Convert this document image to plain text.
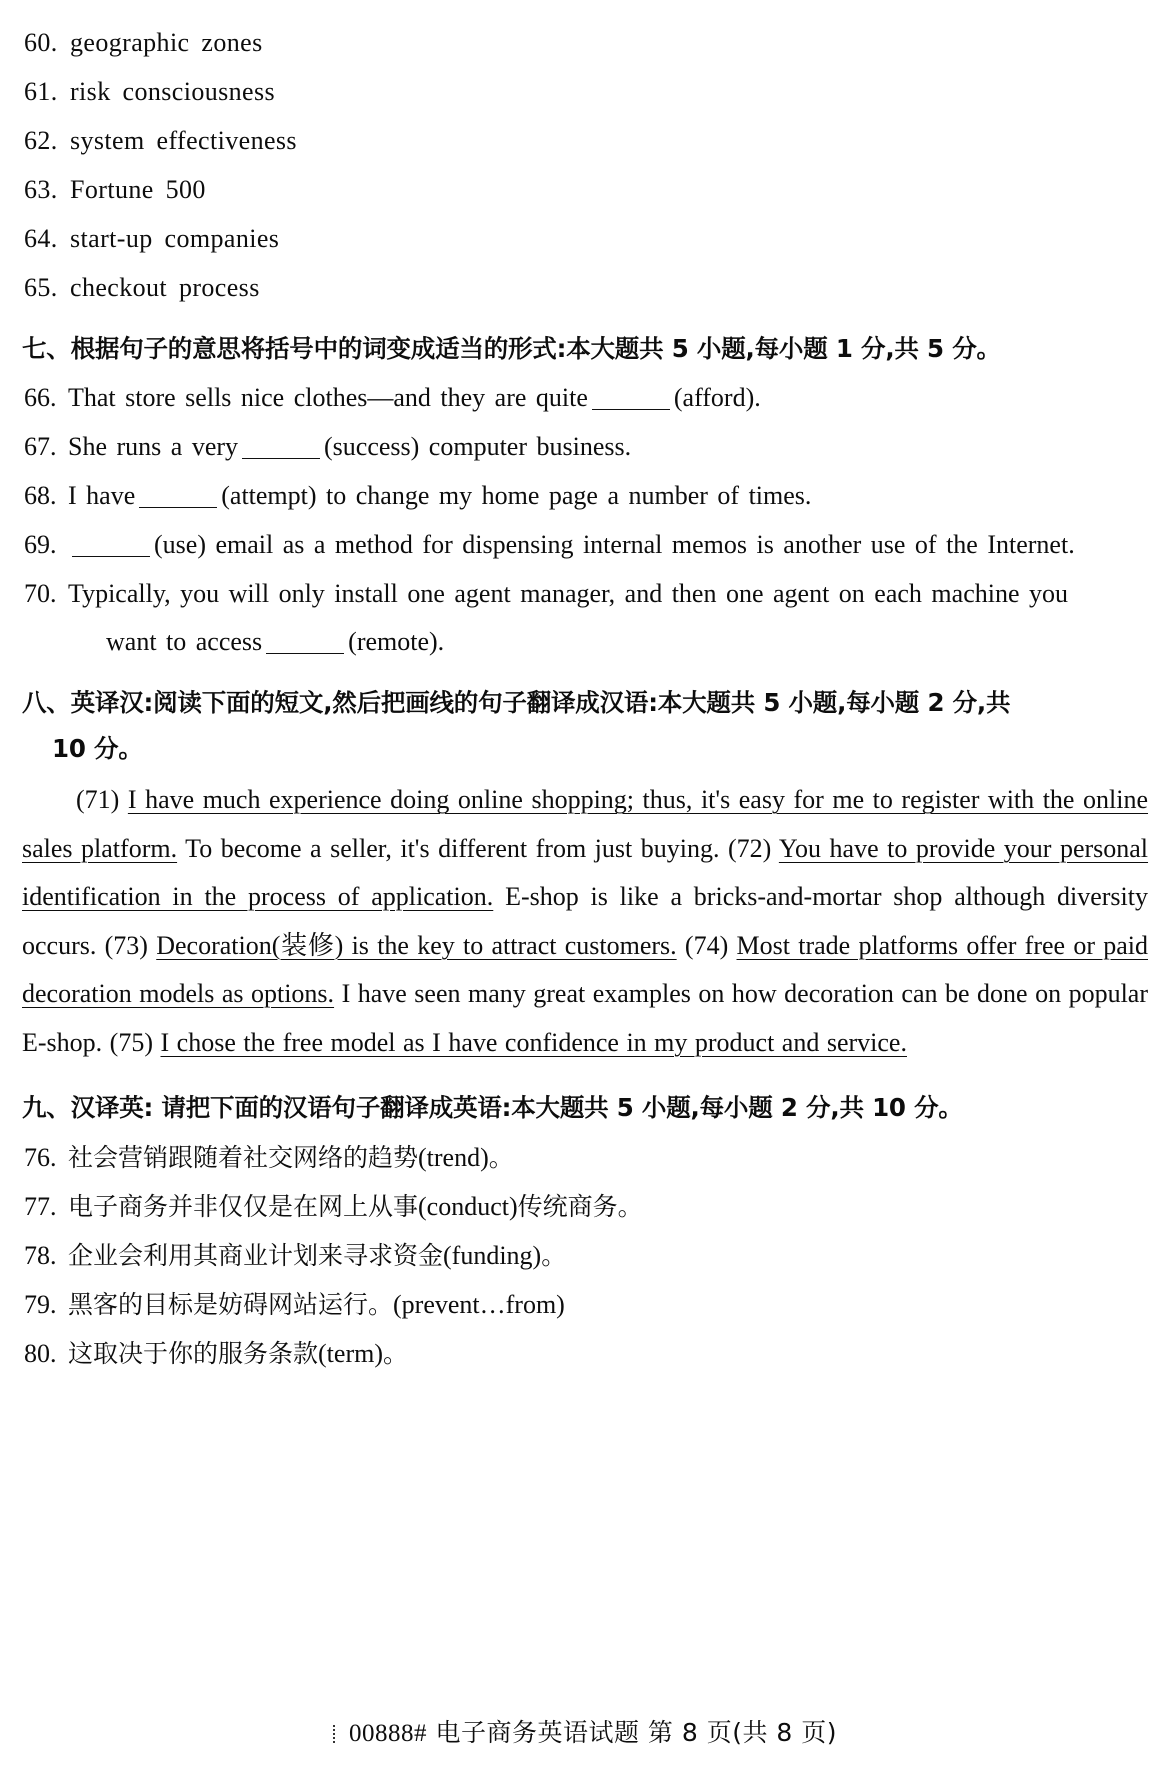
60. geographic zones
61. risk consciousness
62. system effectiveness
63. Fortune 500
64. start-up companies
65. checkout process
七、根据句子的意思将括号中的词变成适当的形式:本大题共 5 小题,每小题 1 分,共 5 分。
66. That store sells nice clothes—and they are quite	(afford).
67. She runs a very	(success) computer business.
68. I have	(attempt) to change my home page a number of times.
69.	(use) email as a method for dispensing internal memos is another use of the Internet.
70. Typically, you will only install one agent manager, and then one agent on each machine you
want to access	(remote).
八、英译汉:阅读下面的短文,然后把画线的句子翻译成汉语:本大题共 5 小题,每小题 2 分,共
10 分。
(71) I have much experience doing online shopping; thus, it's easy for me to register with the online sales platform. To become a seller, it's different from just buying. (72) You have to provide your personal identification in the process of application. E-shop is like a bricks-and-mortar shop although diversity occurs. (73) Decoration(装修) is the key to attract customers. (74) Most trade platforms offer free or paid decoration models as options. I have seen many great examples on how decoration can be done on popular E-shop. (75) I chose the free model as I have confidence in my product and service.
九、汉译英: 请把下面的汉语句子翻译成英语:本大题共 5 小题,每小题 2 分,共 10 分。
76. 社会营销跟随着社交网络的趋势(trend)。
77. 电子商务并非仅仅是在网上从事(conduct)传统商务。
78. 企业会利用其商业计划来寻求资金(funding)。
79. 黑客的目标是妨碍网站运行。(prevent…from)
80. 这取决于你的服务条款(term)。
00888# 电子商务英语试题 第 8 页(共 8 页)
